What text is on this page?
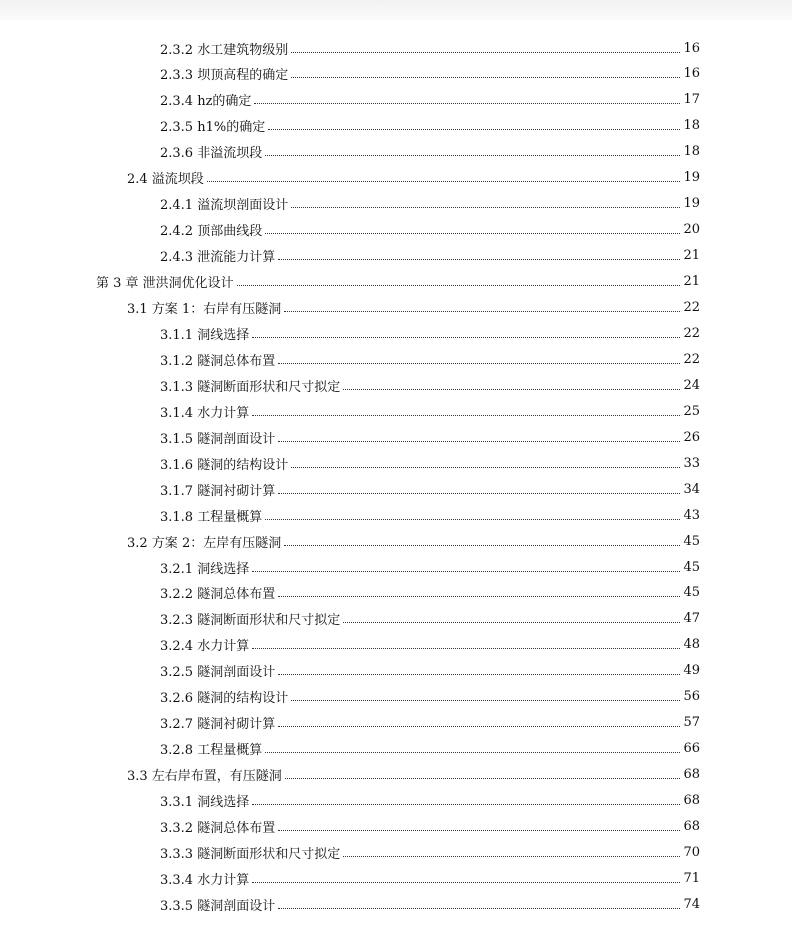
2.3.2 水工建筑物级别	16
2.3.3 坝顶高程的确定	16
2.3.4 hz的确定	17
2.3.5 h1%的确定	18
2.3.6 非溢流坝段	18
2.4 溢流坝段	19
2.4.1 溢流坝剖面设计	19
2.4.2 顶部曲线段	20
2.4.3 泄流能力计算	21
第 3 章 泄洪洞优化设计	21
3.1 方案 1：右岸有压隧洞	22
3.1.1 洞线选择	22
3.1.2 隧洞总体布置	22
3.1.3 隧洞断面形状和尺寸拟定	24
3.1.4 水力计算	25
3.1.5 隧洞剖面设计	26
3.1.6 隧洞的结构设计	33
3.1.7 隧洞衬砌计算	34
3.1.8 工程量概算	43
3.2 方案 2：左岸有压隧洞	45
3.2.1 洞线选择	45
3.2.2 隧洞总体布置	45
3.2.3 隧洞断面形状和尺寸拟定	47
3.2.4 水力计算	48
3.2.5 隧洞剖面设计	49
3.2.6 隧洞的结构设计	56
3.2.7 隧洞衬砌计算	57
3.2.8 工程量概算	66
3.3 左右岸布置，有压隧洞	68
3.3.1 洞线选择	68
3.3.2 隧洞总体布置	68
3.3.3 隧洞断面形状和尺寸拟定	70
3.3.4 水力计算	71
3.3.5 隧洞剖面设计	74
